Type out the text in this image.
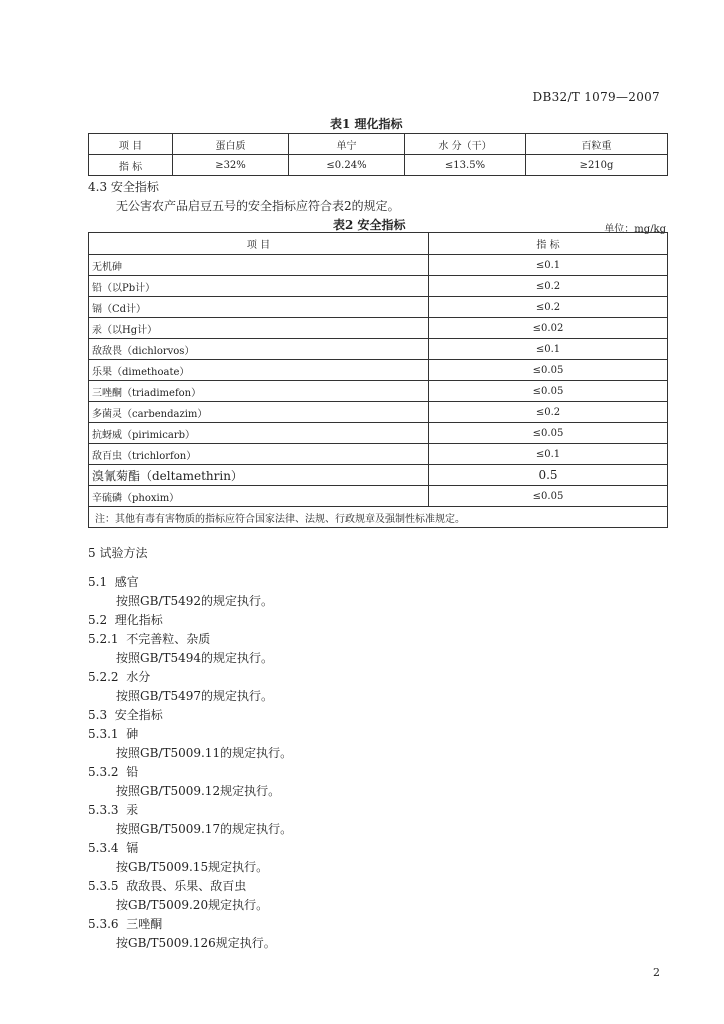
DB32/T 1079—2007
表1 理化指标
项 目	蛋白质	单宁	水 分（干）	百粒重
指 标	≥32%	≤0.24%	≤13.5%	≥210g
4.3 安全指标
无公害农产品启豆五号的安全指标应符合表2的规定。
表2 安全指标	单位：mg/kg
项 目	指 标
无机砷	≤0.1
铅（以Pb计）	≤0.2
镉（Cd计）	≤0.2
汞（以Hg计）	≤0.02
敌敌畏（dichlorvos）	≤0.1
乐果（dimethoate）	≤0.05
三唑酮（triadimefon）	≤0.05
多菌灵（carbendazim）	≤0.2
抗蚜威（pirimicarb）	≤0.05
敌百虫（trichlorfon）	≤0.1
溴氰菊酯（deltamethrin）	0.5
辛硫磷（phoxim）	≤0.05
注：其他有毒有害物质的指标应符合国家法律、法规、行政规章及强制性标准规定。	
5 试验方法
5.1 感官
按照GB/T5492的规定执行。
5.2 理化指标
5.2.1 不完善粒、杂质
按照GB/T5494的规定执行。
5.2.2 水分
按照GB/T5497的规定执行。
5.3 安全指标
5.3.1 砷
按照GB/T5009.11的规定执行。
5.3.2 铅
按照GB/T5009.12规定执行。
5.3.3 汞
按照GB/T5009.17的规定执行。
5.3.4 镉
按GB/T5009.15规定执行。
5.3.5 敌敌畏、乐果、敌百虫
按GB/T5009.20规定执行。
5.3.6 三唑酮
按GB/T5009.126规定执行。
2
